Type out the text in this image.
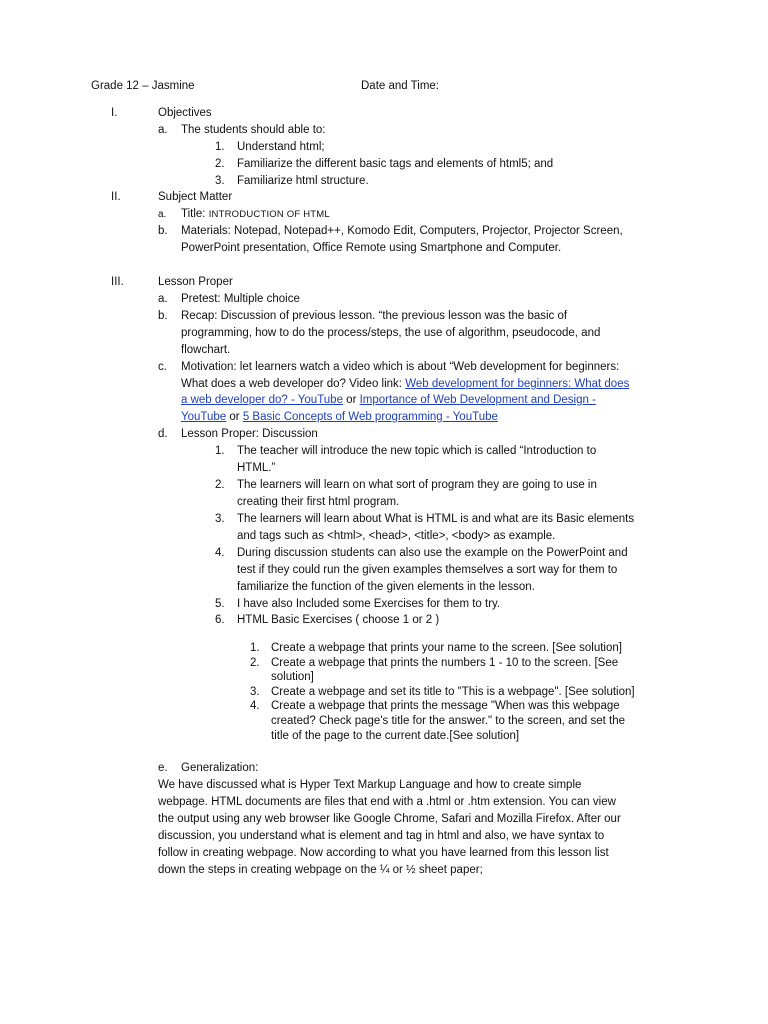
Grade 12 – Jasmine	Date and Time:
I.	Objectives
a. The students should able to:
1. Understand html;
2. Familiarize the different basic tags and elements of html5; and
3. Familiarize html structure.
II.	Subject Matter
a. Title: INTRODUCTION OF HTML
b. Materials: Notepad, Notepad++, Komodo Edit, Computers, Projector, Projector Screen,
PowerPoint presentation, Office Remote using Smartphone and Computer.
III.	Lesson Proper
a. Pretest: Multiple choice
b. Recap: Discussion of previous lesson. “the previous lesson was the basic of
programming, how to do the process/steps, the use of algorithm, pseudocode, and
flowchart.
c. Motivation: let learners watch a video which is about “Web development for beginners:
What does a web developer do? Video link: Web development for beginners: What does
a web developer do? - YouTube or Importance of Web Development and Design -
YouTube or 5 Basic Concepts of Web programming - YouTube
d. Lesson Proper: Discussion
1. The teacher will introduce the new topic which is called “Introduction to
HTML.”
2. The learners will learn on what sort of program they are going to use in
creating their first html program.
3. The learners will learn about What is HTML is and what are its Basic elements
and tags such as <html>, <head>, <title>, <body> as example.
4. During discussion students can also use the example on the PowerPoint and
test if they could run the given examples themselves a sort way for them to
familiarize the function of the given elements in the lesson.
5. I have also Included some Exercises for them to try.
6. HTML Basic Exercises ( choose 1 or 2 )
1. Create a webpage that prints your name to the screen. [See solution]
2. Create a webpage that prints the numbers 1 - 10 to the screen. [See
solution]
3. Create a webpage and set its title to "This is a webpage". [See solution]
4. Create a webpage that prints the message "When was this webpage
created? Check page's title for the answer." to the screen, and set the
title of the page to the current date.[See solution]
e. Generalization:
We have discussed what is Hyper Text Markup Language and how to create simple
webpage. HTML documents are files that end with a .html or .htm extension. You can view
the output using any web browser like Google Chrome, Safari and Mozilla Firefox. After our
discussion, you understand what is element and tag in html and also, we have syntax to
follow in creating webpage. Now according to what you have learned from this lesson list
down the steps in creating webpage on the ¼ or ½ sheet paper;
